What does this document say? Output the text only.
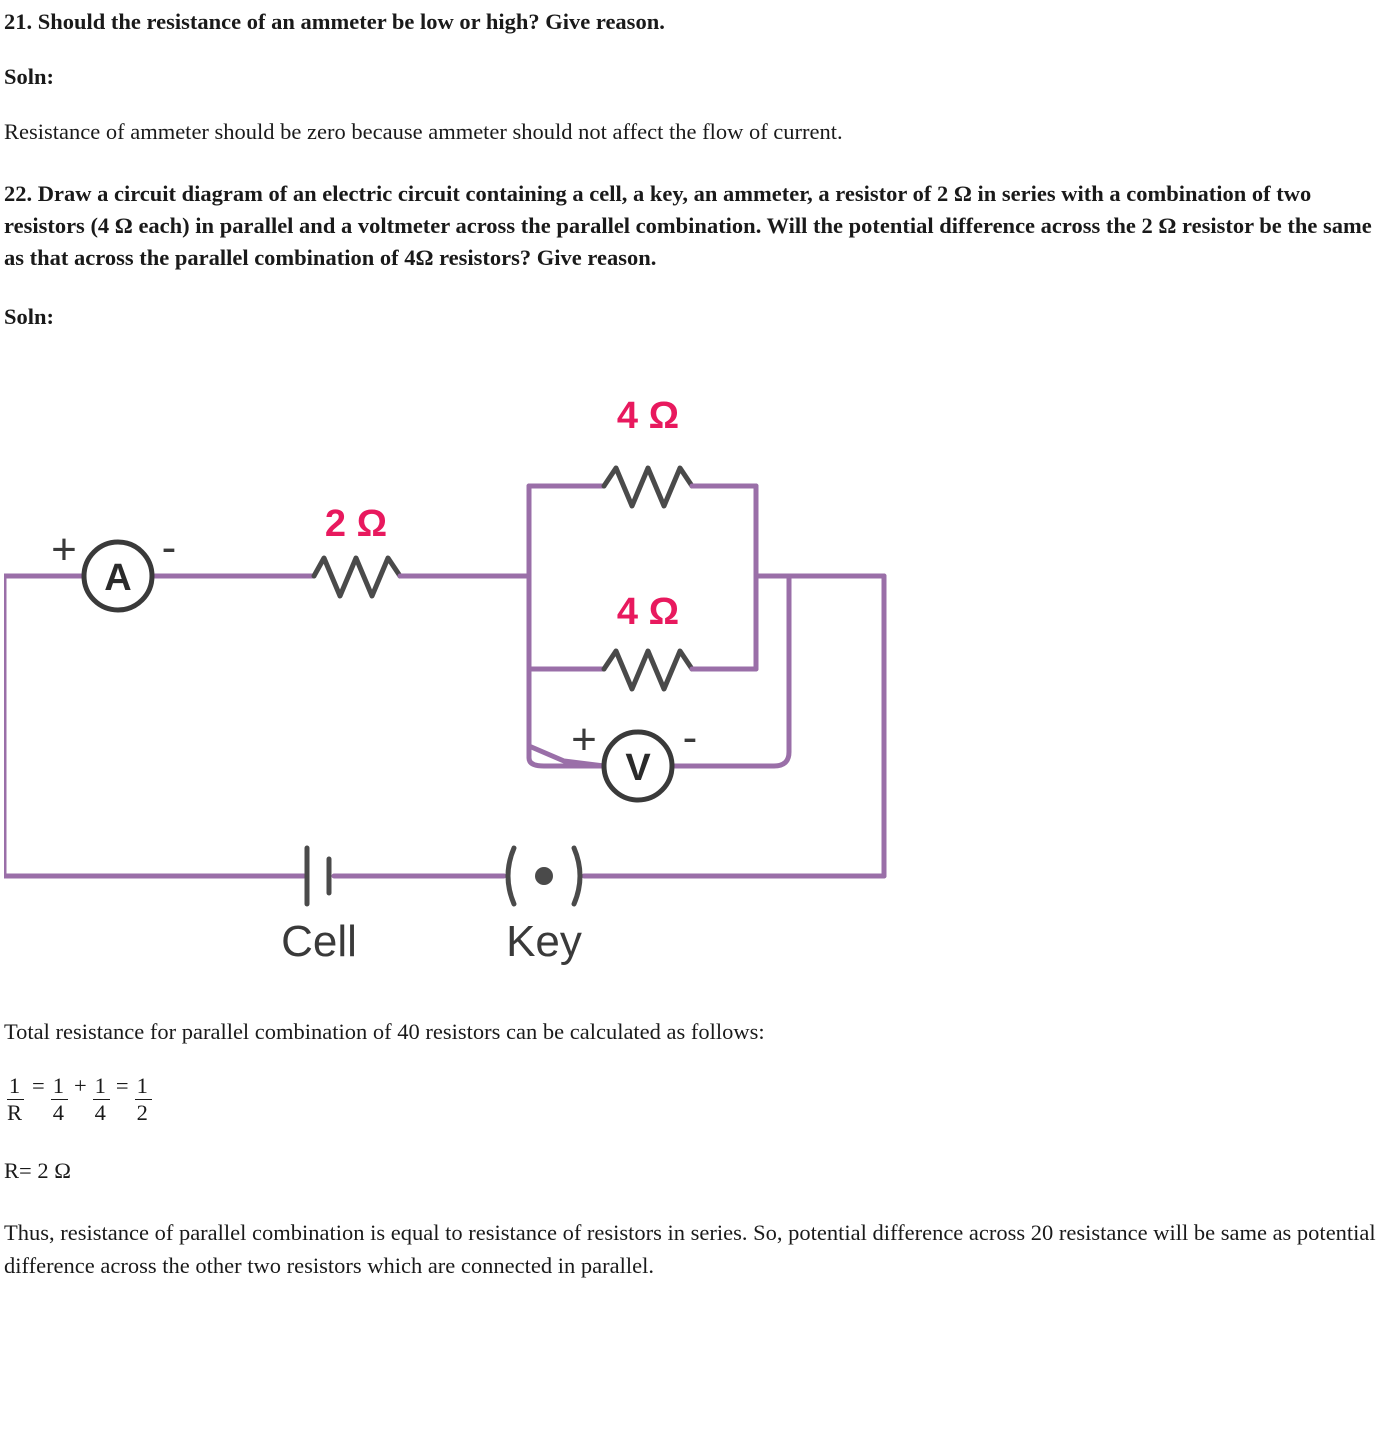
21. Should the resistance of an ammeter be low or high? Give reason.

Soln:

Resistance of ammeter should be zero because ammeter should not affect the flow of current.

22. Draw a circuit diagram of an electric circuit containing a cell, a key, an ammeter, a resistor of 2 Ω in series with a combination of two resistors (4 Ω each) in parallel and a voltmeter across the parallel combination. Will the potential difference across the 2 Ω resistor be the same as that across the parallel combination of 4Ω resistors? Give reason.

Soln:

A
+ -
V
+ -
2 Ω
4 Ω
4 Ω
Cell	Key

Total resistance for parallel combination of 40 resistors can be calculated as follows:

$\frac{1}{R} = \frac{1}{4} + \frac{1}{4} = \frac{1}{2}$

R= 2 Ω

Thus, resistance of parallel combination is equal to resistance of resistors in series. So, potential difference across 20 resistance will be same as potential difference across the other two resistors which are connected in parallel.
